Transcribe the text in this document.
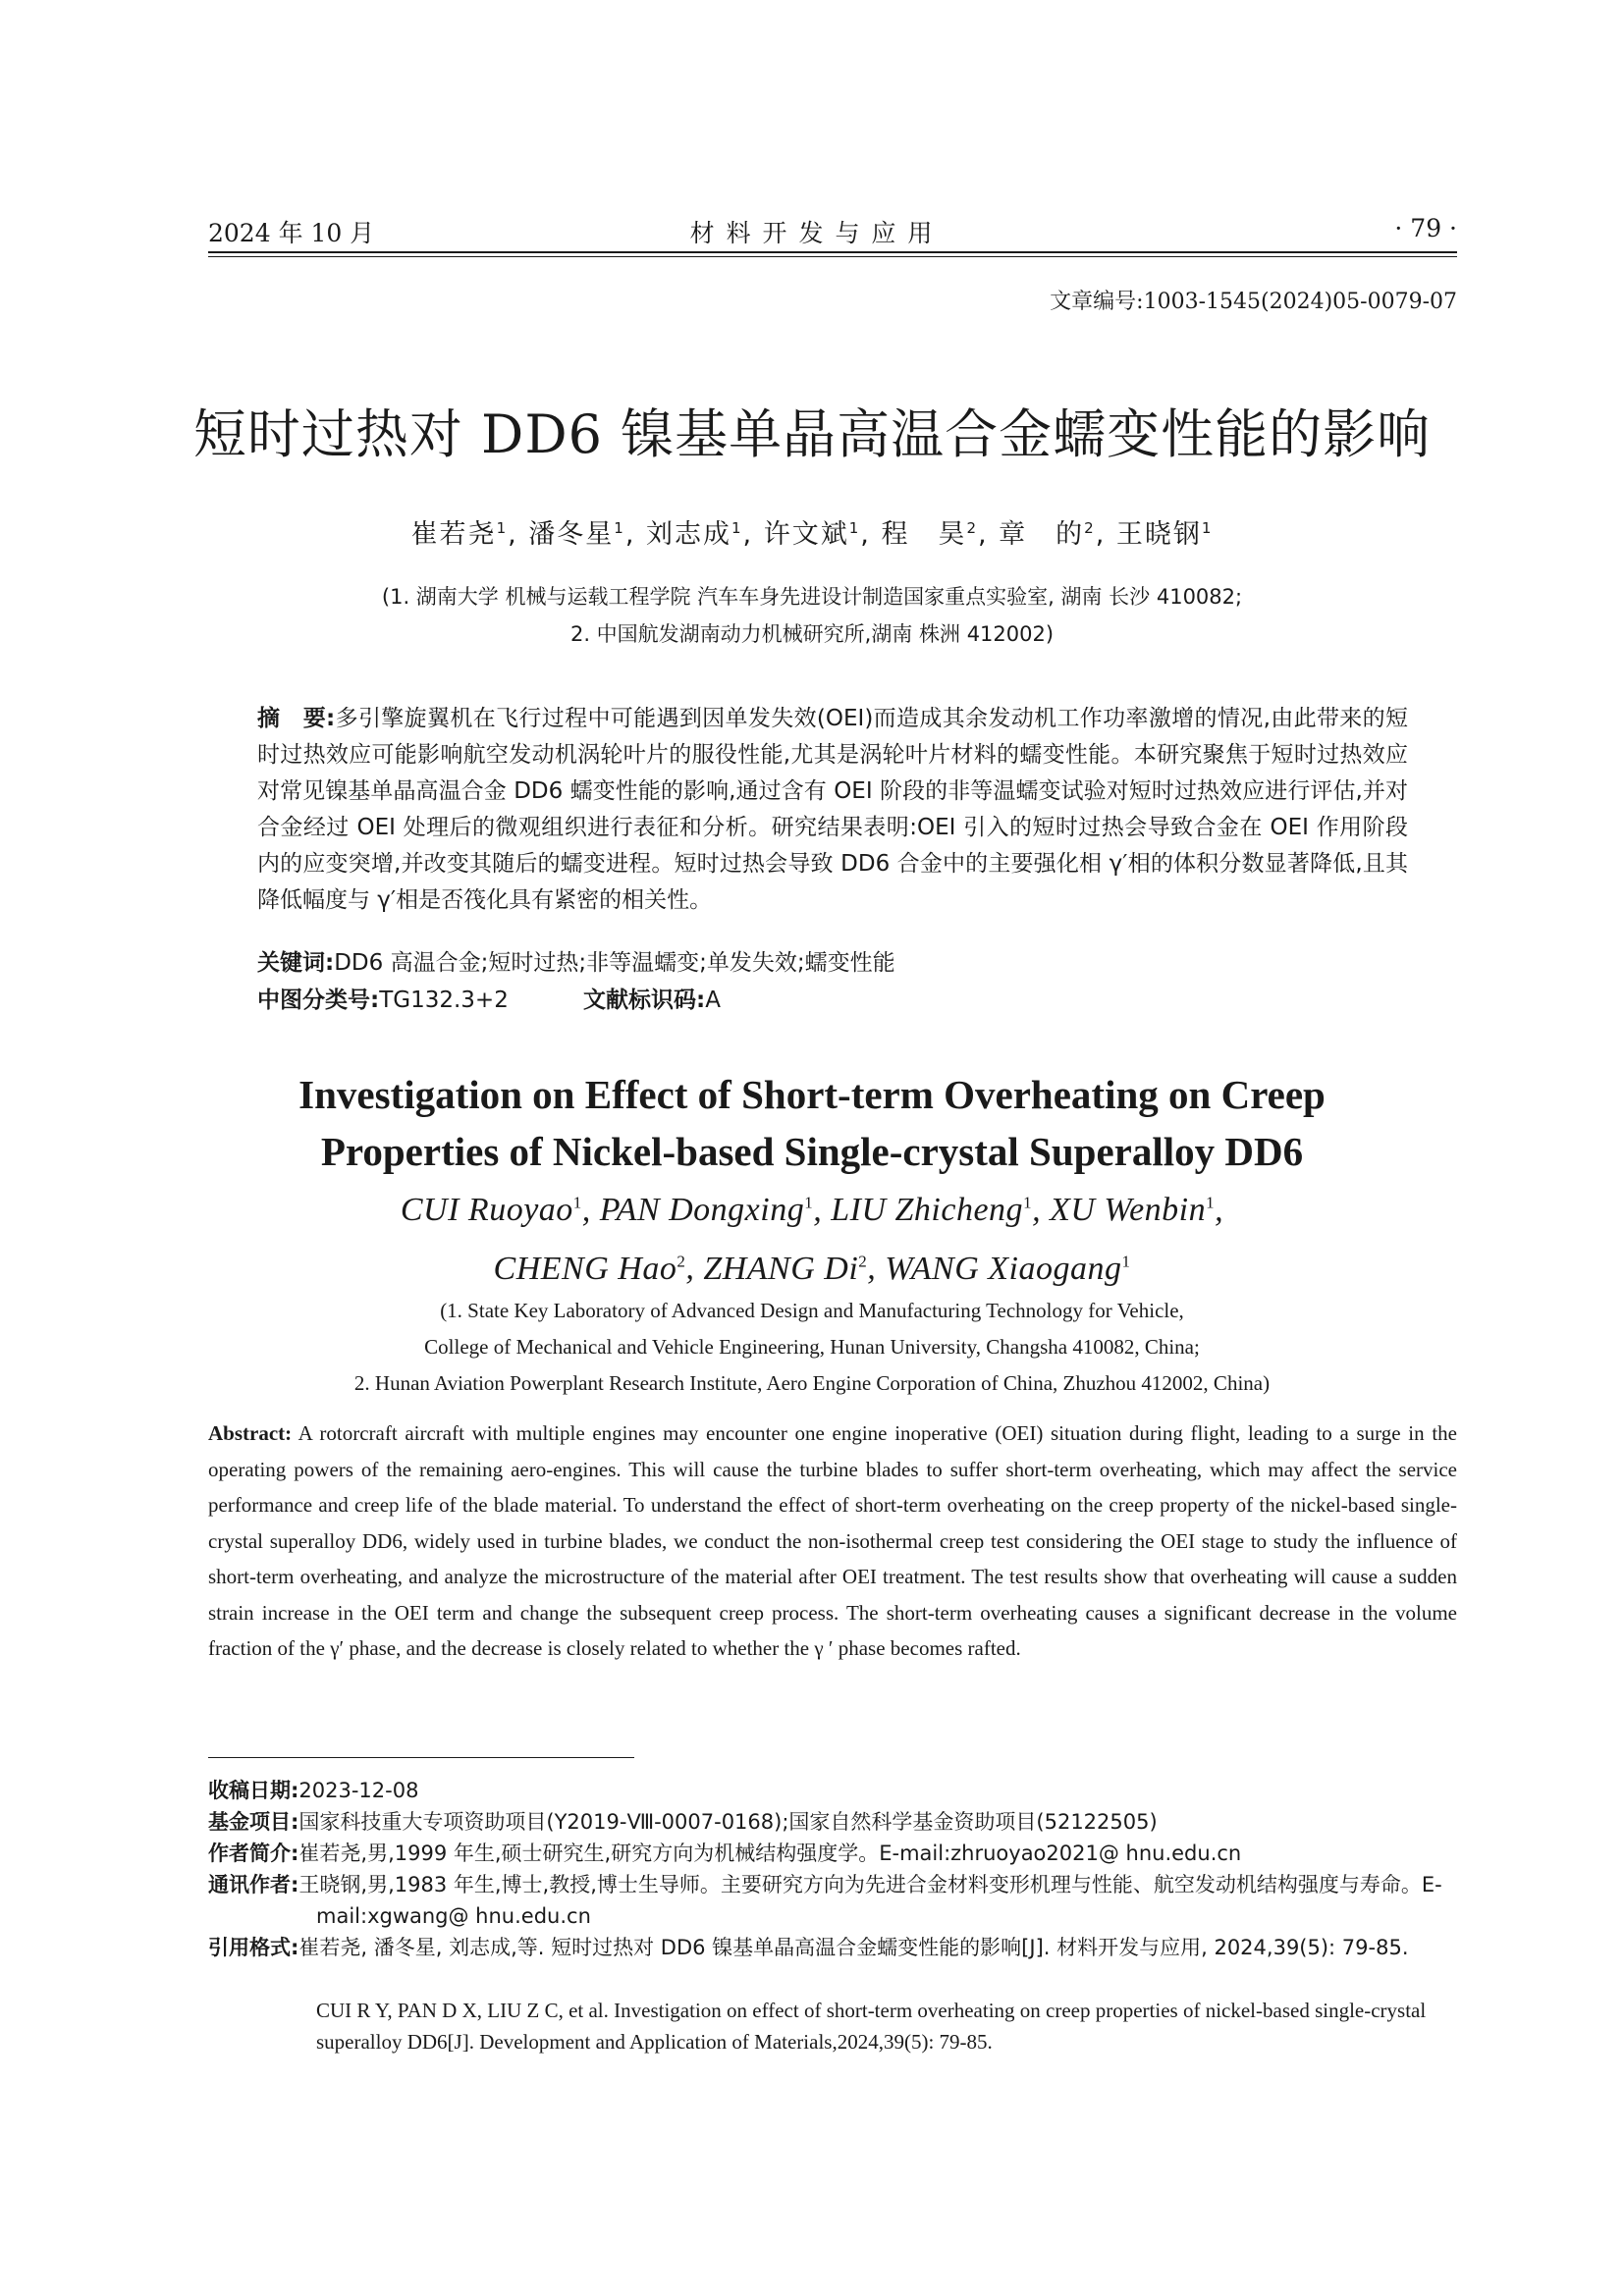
2024 年 10 月	材 料 开 发 与 应 用	· 79 ·
文章编号:1003-1545(2024)05-0079-07
短时过热对 DD6 镍基单晶高温合金蠕变性能的影响
崔若尧$^1$, 潘冬星$^1$, 刘志成$^1$, 许文斌$^1$, 程　昊$^2$, 章　的$^2$, 王晓钢$^1$
(1. 湖南大学 机械与运载工程学院 汽车车身先进设计制造国家重点实验室, 湖南 长沙 410082;
2. 中国航发湖南动力机械研究所,湖南 株洲 412002)
摘　要:多引擎旋翼机在飞行过程中可能遇到因单发失效(OEI)而造成其余发动机工作功率激增的情况,由此带来的短时过热效应可能影响航空发动机涡轮叶片的服役性能,尤其是涡轮叶片材料的蠕变性能。本研究聚焦于短时过热效应对常见镍基单晶高温合金 DD6 蠕变性能的影响,通过含有 OEI 阶段的非等温蠕变试验对短时过热效应进行评估,并对合金经过 OEI 处理后的微观组织进行表征和分析。研究结果表明:OEI 引入的短时过热会导致合金在 OEI 作用阶段内的应变突增,并改变其随后的蠕变进程。短时过热会导致 DD6 合金中的主要强化相 γ′相的体积分数显著降低,且其降低幅度与 γ′相是否筏化具有紧密的相关性。
关键词:DD6 高温合金;短时过热;非等温蠕变;单发失效;蠕变性能
中图分类号:TG132.3+2	文献标识码:A
Investigation on Effect of Short-term Overheating on Creep
Properties of Nickel-based Single-crystal Superalloy DD6
CUI Ruoyao$^1$, PAN Dongxing$^1$, LIU Zhicheng$^1$, XU Wenbin$^1$,
CHENG Hao$^2$, ZHANG Di$^2$, WANG Xiaogang$^1$
(1. State Key Laboratory of Advanced Design and Manufacturing Technology for Vehicle,
College of Mechanical and Vehicle Engineering, Hunan University, Changsha 410082, China;
2. Hunan Aviation Powerplant Research Institute, Aero Engine Corporation of China, Zhuzhou 412002, China)
Abstract: A rotorcraft aircraft with multiple engines may encounter one engine inoperative (OEI) situation during flight, leading to a surge in the operating powers of the remaining aero-engines. This will cause the turbine blades to suffer short-term overheating, which may affect the service performance and creep life of the blade material. To understand the effect of short-term overheating on the creep property of the nickel-based single-crystal superalloy DD6, widely used in turbine blades, we conduct the non-isothermal creep test considering the OEI stage to study the influence of short-term overheating, and analyze the microstructure of the material after OEI treatment. The test results show that overheating will cause a sudden strain increase in the OEI term and change the subsequent creep process. The short-term overheating causes a significant decrease in the volume fraction of the γ′ phase, and the decrease is closely related to whether the γ ′ phase becomes rafted.
收稿日期:2023-12-08
基金项目:国家科技重大专项资助项目(Y2019-Ⅷ-0007-0168);国家自然科学基金资助项目(52122505)
作者简介:崔若尧,男,1999 年生,硕士研究生,研究方向为机械结构强度学。E-mail:zhruoyao2021@ hnu.edu.cn
通讯作者:王晓钢,男,1983 年生,博士,教授,博士生导师。主要研究方向为先进合金材料变形机理与性能、航空发动机结构强度与寿命。E-mail:xgwang@ hnu.edu.cn
引用格式:崔若尧, 潘冬星, 刘志成,等. 短时过热对 DD6 镍基单晶高温合金蠕变性能的影响[J]. 材料开发与应用, 2024,39(5): 79-85.
CUI R Y, PAN D X, LIU Z C, et al. Investigation on effect of short-term overheating on creep properties of nickel-based single-crystal superalloy DD6[J]. Development and Application of Materials,2024,39(5): 79-85.
